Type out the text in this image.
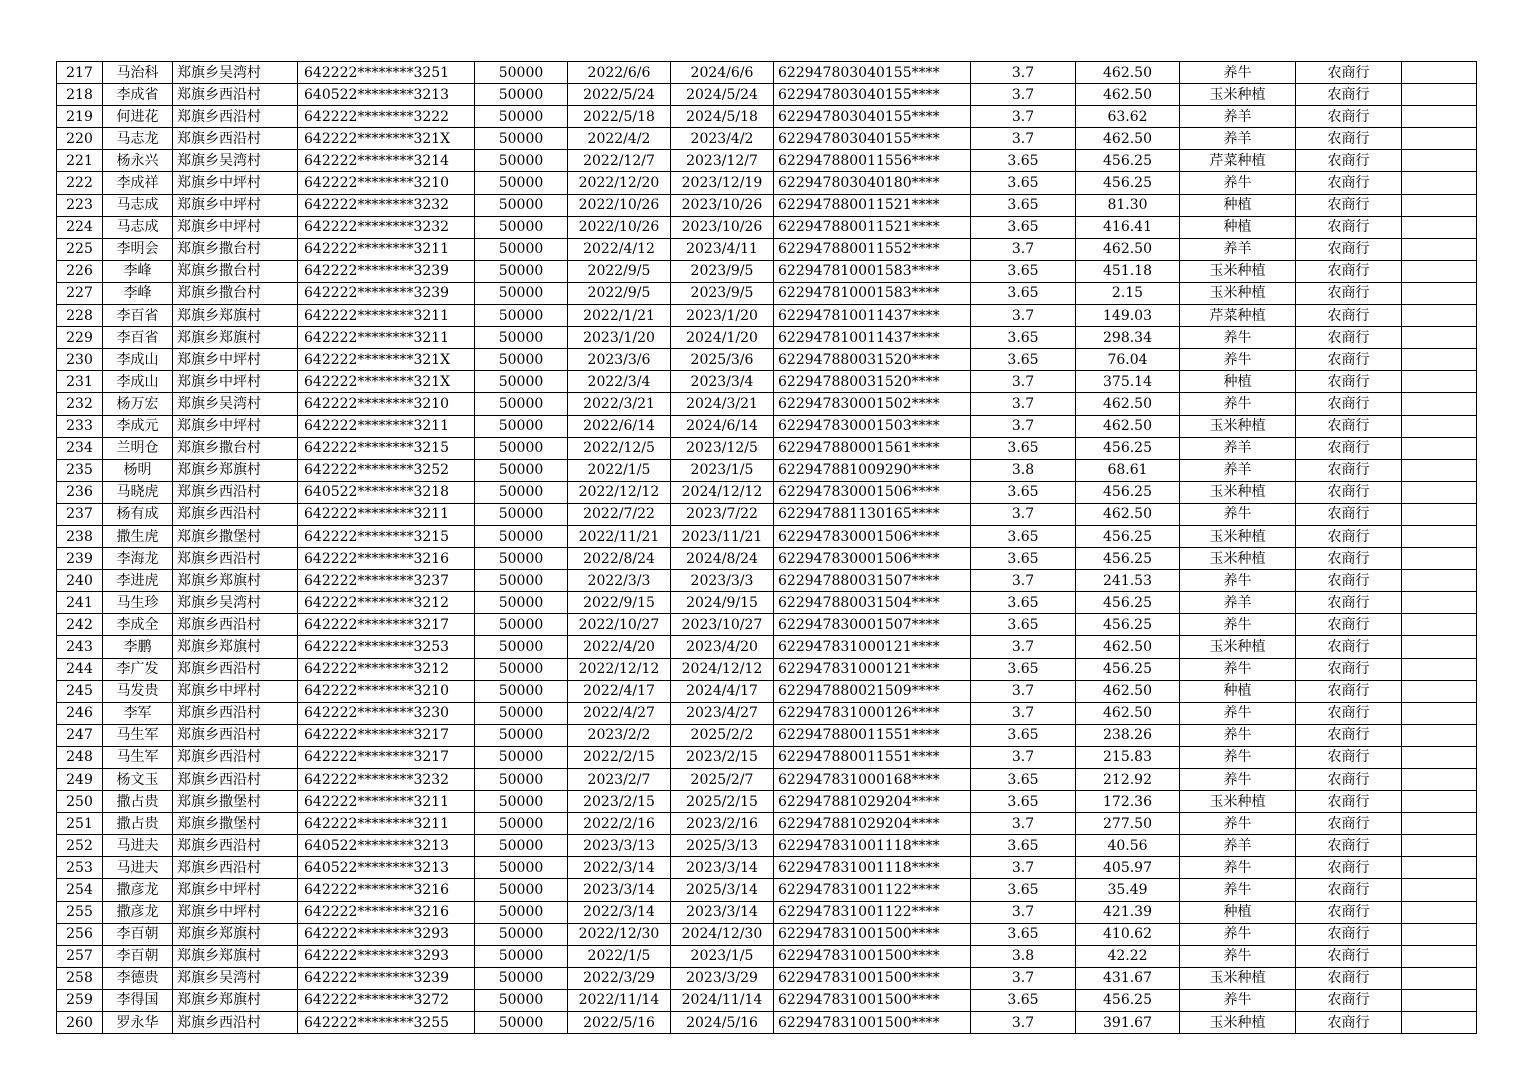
217	马治科	郑旗乡吴湾村	642222********3251	50000	2022/6/6	2024/6/6	622947803040155****	3.7	462.50	养牛	农商行	
218	李成省	郑旗乡西沿村	640522********3213	50000	2022/5/24	2024/5/24	622947803040155****	3.7	462.50	玉米种植	农商行	
219	何进花	郑旗乡西沿村	642222********3222	50000	2022/5/18	2024/5/18	622947803040155****	3.7	63.62	养羊	农商行	
220	马志龙	郑旗乡西沿村	642222********321X	50000	2022/4/2	2023/4/2	622947803040155****	3.7	462.50	养羊	农商行	
221	杨永兴	郑旗乡吴湾村	642222********3214	50000	2022/12/7	2023/12/7	622947880011556****	3.65	456.25	芹菜种植	农商行	
222	李成祥	郑旗乡中坪村	642222********3210	50000	2022/12/20	2023/12/19	622947803040180****	3.65	456.25	养牛	农商行	
223	马志成	郑旗乡中坪村	642222********3232	50000	2022/10/26	2023/10/26	622947880011521****	3.65	81.30	种植	农商行	
224	马志成	郑旗乡中坪村	642222********3232	50000	2022/10/26	2023/10/26	622947880011521****	3.65	416.41	种植	农商行	
225	李明会	郑旗乡撒台村	642222********3211	50000	2022/4/12	2023/4/11	622947880011552****	3.7	462.50	养羊	农商行	
226	李峰	郑旗乡撒台村	642222********3239	50000	2022/9/5	2023/9/5	622947810001583****	3.65	451.18	玉米种植	农商行	
227	李峰	郑旗乡撒台村	642222********3239	50000	2022/9/5	2023/9/5	622947810001583****	3.65	2.15	玉米种植	农商行	
228	李百省	郑旗乡郑旗村	642222********3211	50000	2022/1/21	2023/1/20	622947810011437****	3.7	149.03	芹菜种植	农商行	
229	李百省	郑旗乡郑旗村	642222********3211	50000	2023/1/20	2024/1/20	622947810011437****	3.65	298.34	养牛	农商行	
230	李成山	郑旗乡中坪村	642222********321X	50000	2023/3/6	2025/3/6	622947880031520****	3.65	76.04	养牛	农商行	
231	李成山	郑旗乡中坪村	642222********321X	50000	2022/3/4	2023/3/4	622947880031520****	3.7	375.14	种植	农商行	
232	杨万宏	郑旗乡吴湾村	642222********3210	50000	2022/3/21	2024/3/21	622947830001502****	3.7	462.50	养牛	农商行	
233	李成元	郑旗乡中坪村	642222********3211	50000	2022/6/14	2024/6/14	622947830001503****	3.7	462.50	玉米种植	农商行	
234	兰明仓	郑旗乡撒台村	642222********3215	50000	2022/12/5	2023/12/5	622947880001561****	3.65	456.25	养羊	农商行	
235	杨明	郑旗乡郑旗村	642222********3252	50000	2022/1/5	2023/1/5	622947881009290****	3.8	68.61	养羊	农商行	
236	马晓虎	郑旗乡西沿村	640522********3218	50000	2022/12/12	2024/12/12	622947830001506****	3.65	456.25	玉米种植	农商行	
237	杨有成	郑旗乡西沿村	642222********3211	50000	2022/7/22	2023/7/22	622947881130165****	3.7	462.50	养牛	农商行	
238	撒生虎	郑旗乡撒堡村	642222********3215	50000	2022/11/21	2023/11/21	622947830001506****	3.65	456.25	玉米种植	农商行	
239	李海龙	郑旗乡西沿村	642222********3216	50000	2022/8/24	2024/8/24	622947830001506****	3.65	456.25	玉米种植	农商行	
240	李进虎	郑旗乡郑旗村	642222********3237	50000	2022/3/3	2023/3/3	622947880031507****	3.7	241.53	养牛	农商行	
241	马生珍	郑旗乡吴湾村	642222********3212	50000	2022/9/15	2024/9/15	622947880031504****	3.65	456.25	养羊	农商行	
242	李成全	郑旗乡西沿村	642222********3217	50000	2022/10/27	2023/10/27	622947830001507****	3.65	456.25	养牛	农商行	
243	李鹏	郑旗乡郑旗村	642222********3253	50000	2022/4/20	2023/4/20	622947831000121****	3.7	462.50	玉米种植	农商行	
244	李广发	郑旗乡西沿村	642222********3212	50000	2022/12/12	2024/12/12	622947831000121****	3.65	456.25	养牛	农商行	
245	马发贵	郑旗乡中坪村	642222********3210	50000	2022/4/17	2024/4/17	622947880021509****	3.7	462.50	种植	农商行	
246	李军	郑旗乡西沿村	642222********3230	50000	2022/4/27	2023/4/27	622947831000126****	3.7	462.50	养牛	农商行	
247	马生军	郑旗乡西沿村	642222********3217	50000	2023/2/2	2025/2/2	622947880011551****	3.65	238.26	养牛	农商行	
248	马生军	郑旗乡西沿村	642222********3217	50000	2022/2/15	2023/2/15	622947880011551****	3.7	215.83	养牛	农商行	
249	杨文玉	郑旗乡西沿村	642222********3232	50000	2023/2/7	2025/2/7	622947831000168****	3.65	212.92	养牛	农商行	
250	撒占贵	郑旗乡撒堡村	642222********3211	50000	2023/2/15	2025/2/15	622947881029204****	3.65	172.36	玉米种植	农商行	
251	撒占贵	郑旗乡撒堡村	642222********3211	50000	2022/2/16	2023/2/16	622947881029204****	3.7	277.50	养牛	农商行	
252	马进夫	郑旗乡西沿村	640522********3213	50000	2023/3/13	2025/3/13	622947831001118****	3.65	40.56	养羊	农商行	
253	马进夫	郑旗乡西沿村	640522********3213	50000	2022/3/14	2023/3/14	622947831001118****	3.7	405.97	养牛	农商行	
254	撒彦龙	郑旗乡中坪村	642222********3216	50000	2023/3/14	2025/3/14	622947831001122****	3.65	35.49	养牛	农商行	
255	撒彦龙	郑旗乡中坪村	642222********3216	50000	2022/3/14	2023/3/14	622947831001122****	3.7	421.39	种植	农商行	
256	李百朝	郑旗乡郑旗村	642222********3293	50000	2022/12/30	2024/12/30	622947831001500****	3.65	410.62	养牛	农商行	
257	李百朝	郑旗乡郑旗村	642222********3293	50000	2022/1/5	2023/1/5	622947831001500****	3.8	42.22	养牛	农商行	
258	李德贵	郑旗乡吴湾村	642222********3239	50000	2022/3/29	2023/3/29	622947831001500****	3.7	431.67	玉米种植	农商行	
259	李得国	郑旗乡郑旗村	642222********3272	50000	2022/11/14	2024/11/14	622947831001500****	3.65	456.25	养牛	农商行	
260	罗永华	郑旗乡西沿村	642222********3255	50000	2022/5/16	2024/5/16	622947831001500****	3.7	391.67	玉米种植	农商行	
